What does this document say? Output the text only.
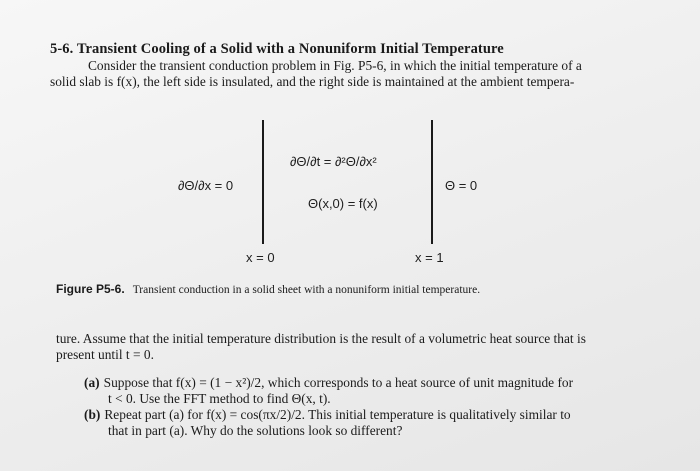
5-6. Transient Cooling of a Solid with a Nonuniform Initial Temperature
Consider the transient conduction problem in Fig. P5-6, in which the initial temperature of a
solid slab is f(x), the left side is insulated, and the right side is maintained at the ambient tempera-
∂Θ/∂x = 0
∂Θ/∂t = ∂²Θ/∂x²
Θ(x,0) = f(x)
Θ = 0
x = 0	x = 1
Figure P5-6. Transient conduction in a solid sheet with a nonuniform initial temperature.
ture. Assume that the initial temperature distribution is the result of a volumetric heat source that is
present until t = 0.
(a) Suppose that f(x) = (1 − x²)/2, which corresponds to a heat source of unit magnitude for
t < 0. Use the FFT method to find Θ(x, t).
(b) Repeat part (a) for f(x) = cos(πx/2)/2. This initial temperature is qualitatively similar to
that in part (a). Why do the solutions look so different?
